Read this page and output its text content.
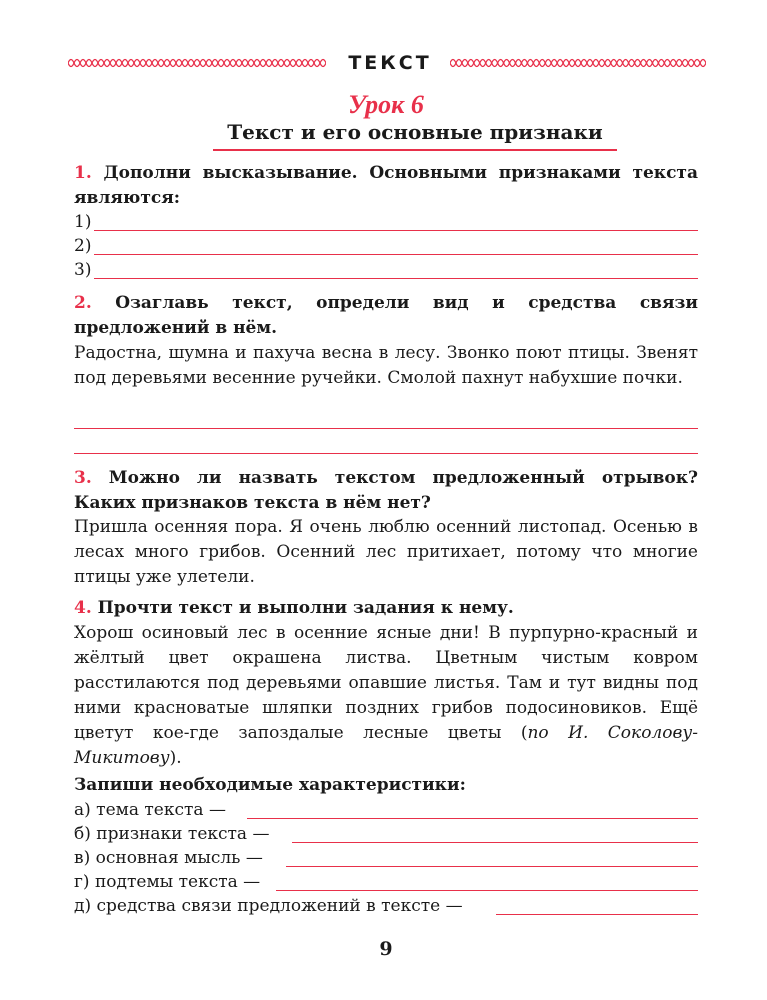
ТЕКСТ
Урок 6
Текст и его основные признаки
1. Дополни высказывание. Основными признаками текста являются:
1)
2)
3)
2. Озаглавь текст, определи вид и средства связи предложений в нём.
Радостна, шумна и пахуча весна в лесу. Звонко поют птицы. Звенят под деревьями весенние ручейки. Смолой пахнут набухшие почки.
3. Можно ли назвать текстом предложенный отрывок? Каких признаков текста в нём нет?
Пришла осенняя пора. Я очень люблю осенний листопад. Осенью в лесах много грибов. Осенний лес притихает, потому что многие птицы уже улетели.
4. Прочти текст и выполни задания к нему.
Хорош осиновый лес в осенние ясные дни! В пурпурно-красный и жёлтый цвет окрашена листва. Цветным чистым ковром расстилаются под деревьями опавшие листья. Там и тут видны под ними красноватые шляпки поздних грибов подосиновиков. Ещё цветут кое-где запоздалые лесные цветы (по И. Соколову-Микитову).
Запиши необходимые характеристики:
а) тема текста —
б) признаки текста —
в) основная мысль —
г) подтемы текста —
д) средства связи предложений в тексте —
9
